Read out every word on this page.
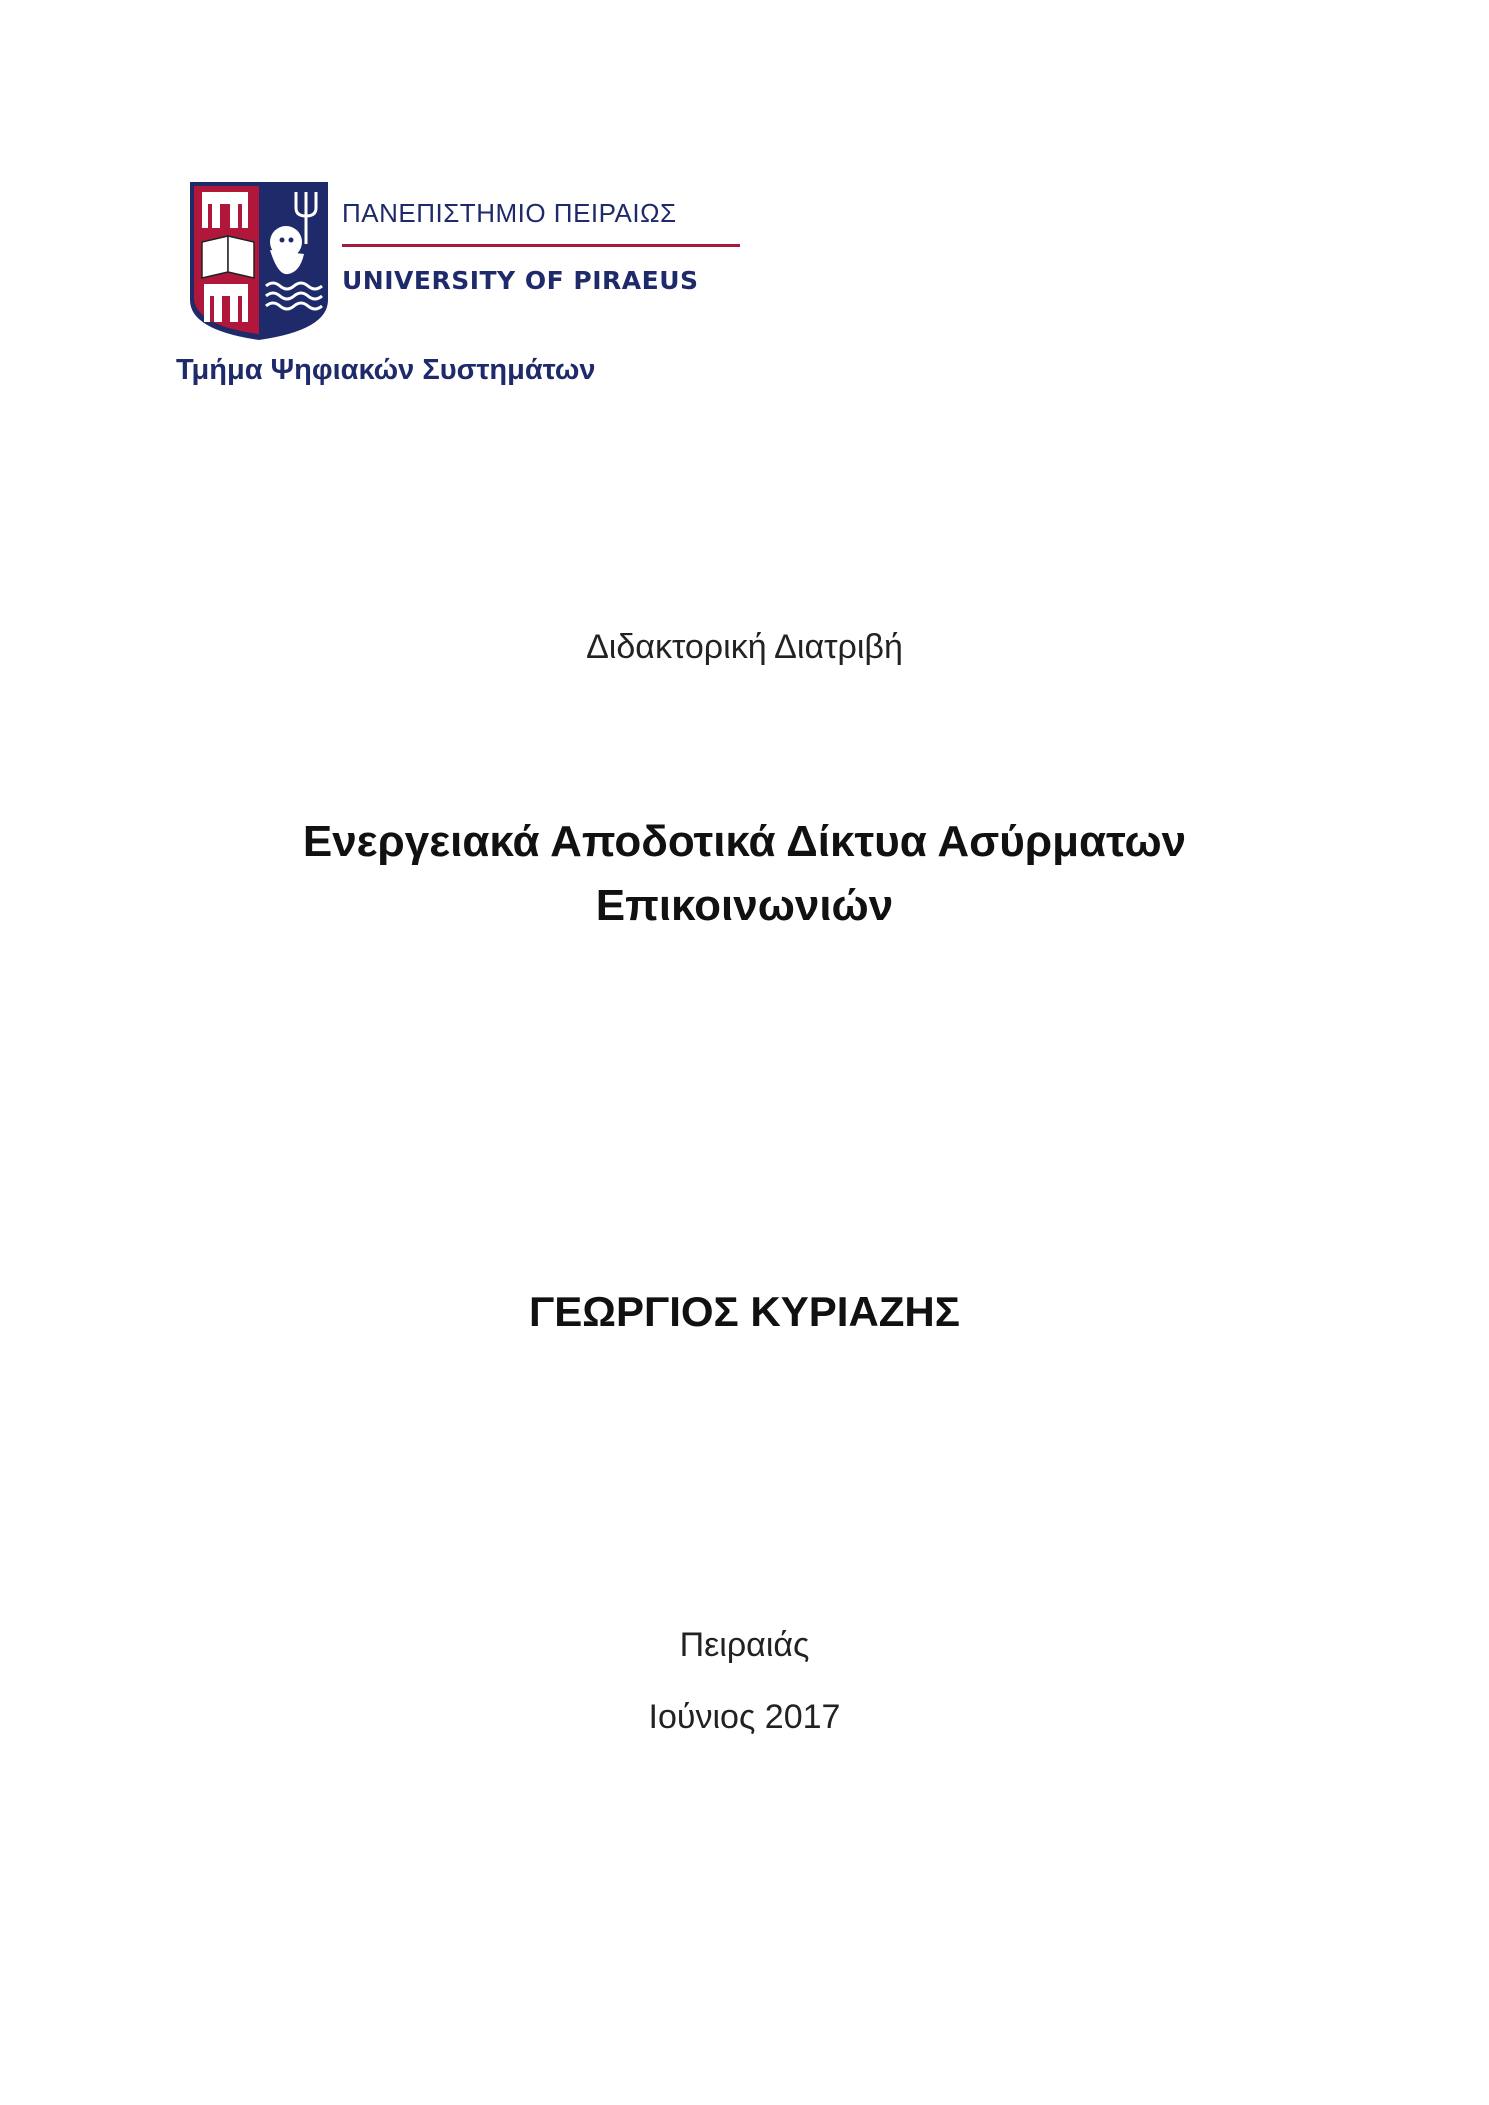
ΠΑΝΕΠΙΣΤΗΜΙΟ ΠΕΙΡΑΙΩΣ
UNIVERSITY OF PIRAEUS
Τμήμα Ψηφιακών Συστημάτων
Διδακτορική Διατριβή
Ενεργειακά Αποδοτικά Δίκτυα Ασύρματων
Επικοινωνιών
ΓΕΩΡΓΙΟΣ ΚΥΡΙΑΖΗΣ
Πειραιάς
Ιούνιος 2017
